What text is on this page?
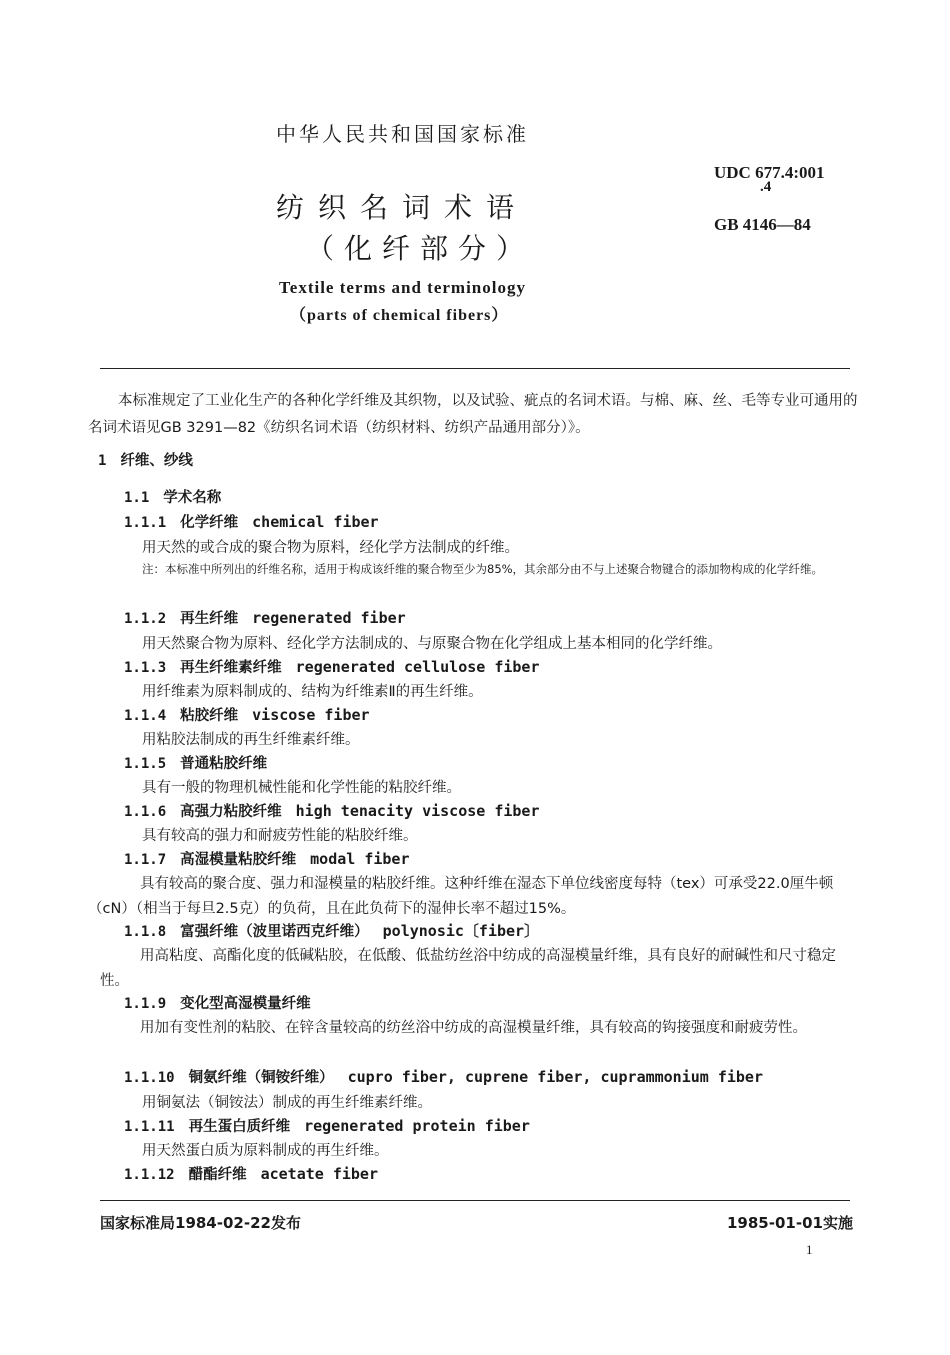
中华人民共和国国家标准
纺织名词术语
（化纤部分）
Textile terms and terminology
（parts of chemical fibers）
UDC 677.4:001
.4
GB 4146—84
本标准规定了工业化生产的各种化学纤维及其织物，以及试验、疵点的名词术语。与棉、麻、丝、毛等专业可通用的名词术语见GB 3291—82《纺织名词术语（纺织材料、纺织产品通用部分）》。
1 纤维、纱线
1.1 学术名称
1.1.1 化学纤维 chemical fiber
用天然的或合成的聚合物为原料，经化学方法制成的纤维。
注：本标准中所列出的纤维名称，适用于构成该纤维的聚合物至少为85%，其余部分由不与上述聚合物键合的添加物构成的化学纤维。
1.1.2 再生纤维 regenerated fiber
用天然聚合物为原料、经化学方法制成的、与原聚合物在化学组成上基本相同的化学纤维。
1.1.3 再生纤维素纤维 regenerated cellulose fiber
用纤维素为原料制成的、结构为纤维素Ⅱ的再生纤维。
1.1.4 粘胶纤维 viscose fiber
用粘胶法制成的再生纤维素纤维。
1.1.5 普通粘胶纤维
具有一般的物理机械性能和化学性能的粘胶纤维。
1.1.6 高强力粘胶纤维 high tenacity viscose fiber
具有较高的强力和耐疲劳性能的粘胶纤维。
1.1.7 高湿模量粘胶纤维 modal fiber
具有较高的聚合度、强力和湿模量的粘胶纤维。这种纤维在湿态下单位线密度每特（tex）可承受22.0厘牛顿（cN）（相当于每旦2.5克）的负荷，且在此负荷下的湿伸长率不超过15%。
1.1.8 富强纤维（波里诺西克纤维） polynosic〔fiber〕
用高粘度、高酯化度的低碱粘胶，在低酸、低盐纺丝浴中纺成的高湿模量纤维，具有良好的耐碱性和尺寸稳定性。
1.1.9 变化型高湿模量纤维
用加有变性剂的粘胶、在锌含量较高的纺丝浴中纺成的高湿模量纤维，具有较高的钩接强度和耐疲劳性。
1.1.10 铜氨纤维（铜铵纤维） cupro fiber, cuprene fiber, cuprammonium fiber
用铜氨法（铜铵法）制成的再生纤维素纤维。
1.1.11 再生蛋白质纤维 regenerated protein fiber
用天然蛋白质为原料制成的再生纤维。
1.1.12 醋酯纤维 acetate fiber
国家标准局1984-02-22发布	1985-01-01实施
1
